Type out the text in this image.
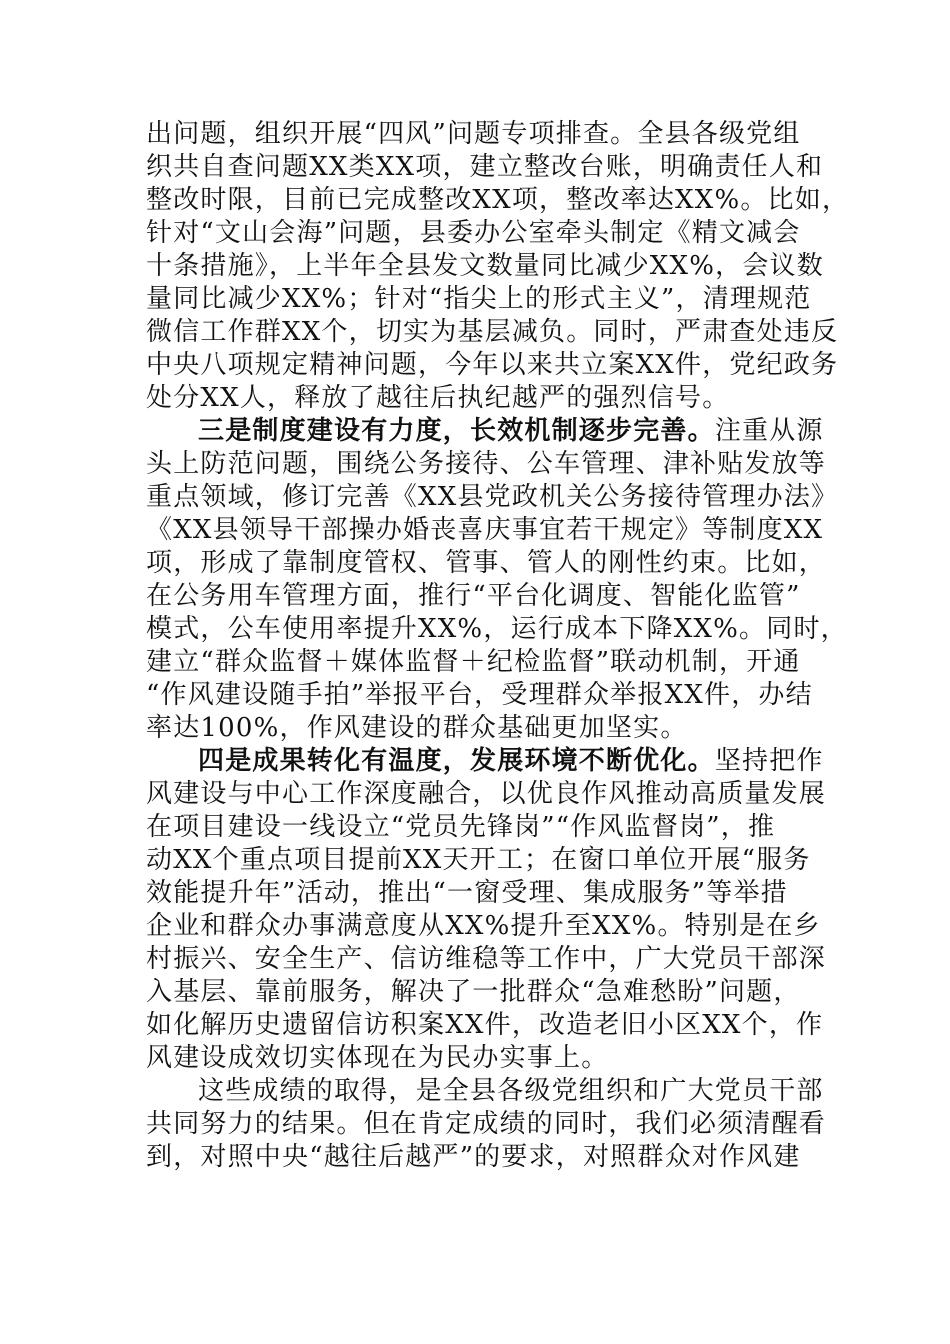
出问题，组织开展“四风”问题专项排查。全县各级党组
织共自查问题XX类XX项，建立整改台账，明确责任人和
整改时限，目前已完成整改XX项，整改率达XX%。比如，
针对“文山会海”问题，县委办公室牵头制定《精文减会
十条措施》，上半年全县发文数量同比减少XX%，会议数
量同比减少XX%；针对“指尖上的形式主义”，清理规范
微信工作群XX个，切实为基层减负。同时，严肃查处违反
中央八项规定精神问题，今年以来共立案XX件，党纪政务
处分XX人，释放了越往后执纪越严的强烈信号。
三是制度建设有力度，长效机制逐步完善。注重从源
头上防范问题，围绕公务接待、公车管理、津补贴发放等
重点领域，修订完善《XX县党政机关公务接待管理办法》
《XX县领导干部操办婚丧喜庆事宜若干规定》等制度XX
项，形成了靠制度管权、管事、管人的刚性约束。比如，
在公务用车管理方面，推行“平台化调度、智能化监管”
模式，公车使用率提升XX%，运行成本下降XX%。同时，
建立“群众监督＋媒体监督＋纪检监督”联动机制，开通
“作风建设随手拍”举报平台，受理群众举报XX件，办结
率达100%，作风建设的群众基础更加坚实。
四是成果转化有温度，发展环境不断优化。坚持把作
风建设与中心工作深度融合，以优良作风推动高质量发展
在项目建设一线设立“党员先锋岗”“作风监督岗”，推
动XX个重点项目提前XX天开工；在窗口单位开展“服务
效能提升年”活动，推出“一窗受理、集成服务”等举措
企业和群众办事满意度从XX%提升至XX%。特别是在乡
村振兴、安全生产、信访维稳等工作中，广大党员干部深
入基层、靠前服务，解决了一批群众“急难愁盼”问题，
如化解历史遗留信访积案XX件，改造老旧小区XX个，作
风建设成效切实体现在为民办实事上。
这些成绩的取得，是全县各级党组织和广大党员干部
共同努力的结果。但在肯定成绩的同时，我们必须清醒看
到，对照中央“越往后越严”的要求，对照群众对作风建
